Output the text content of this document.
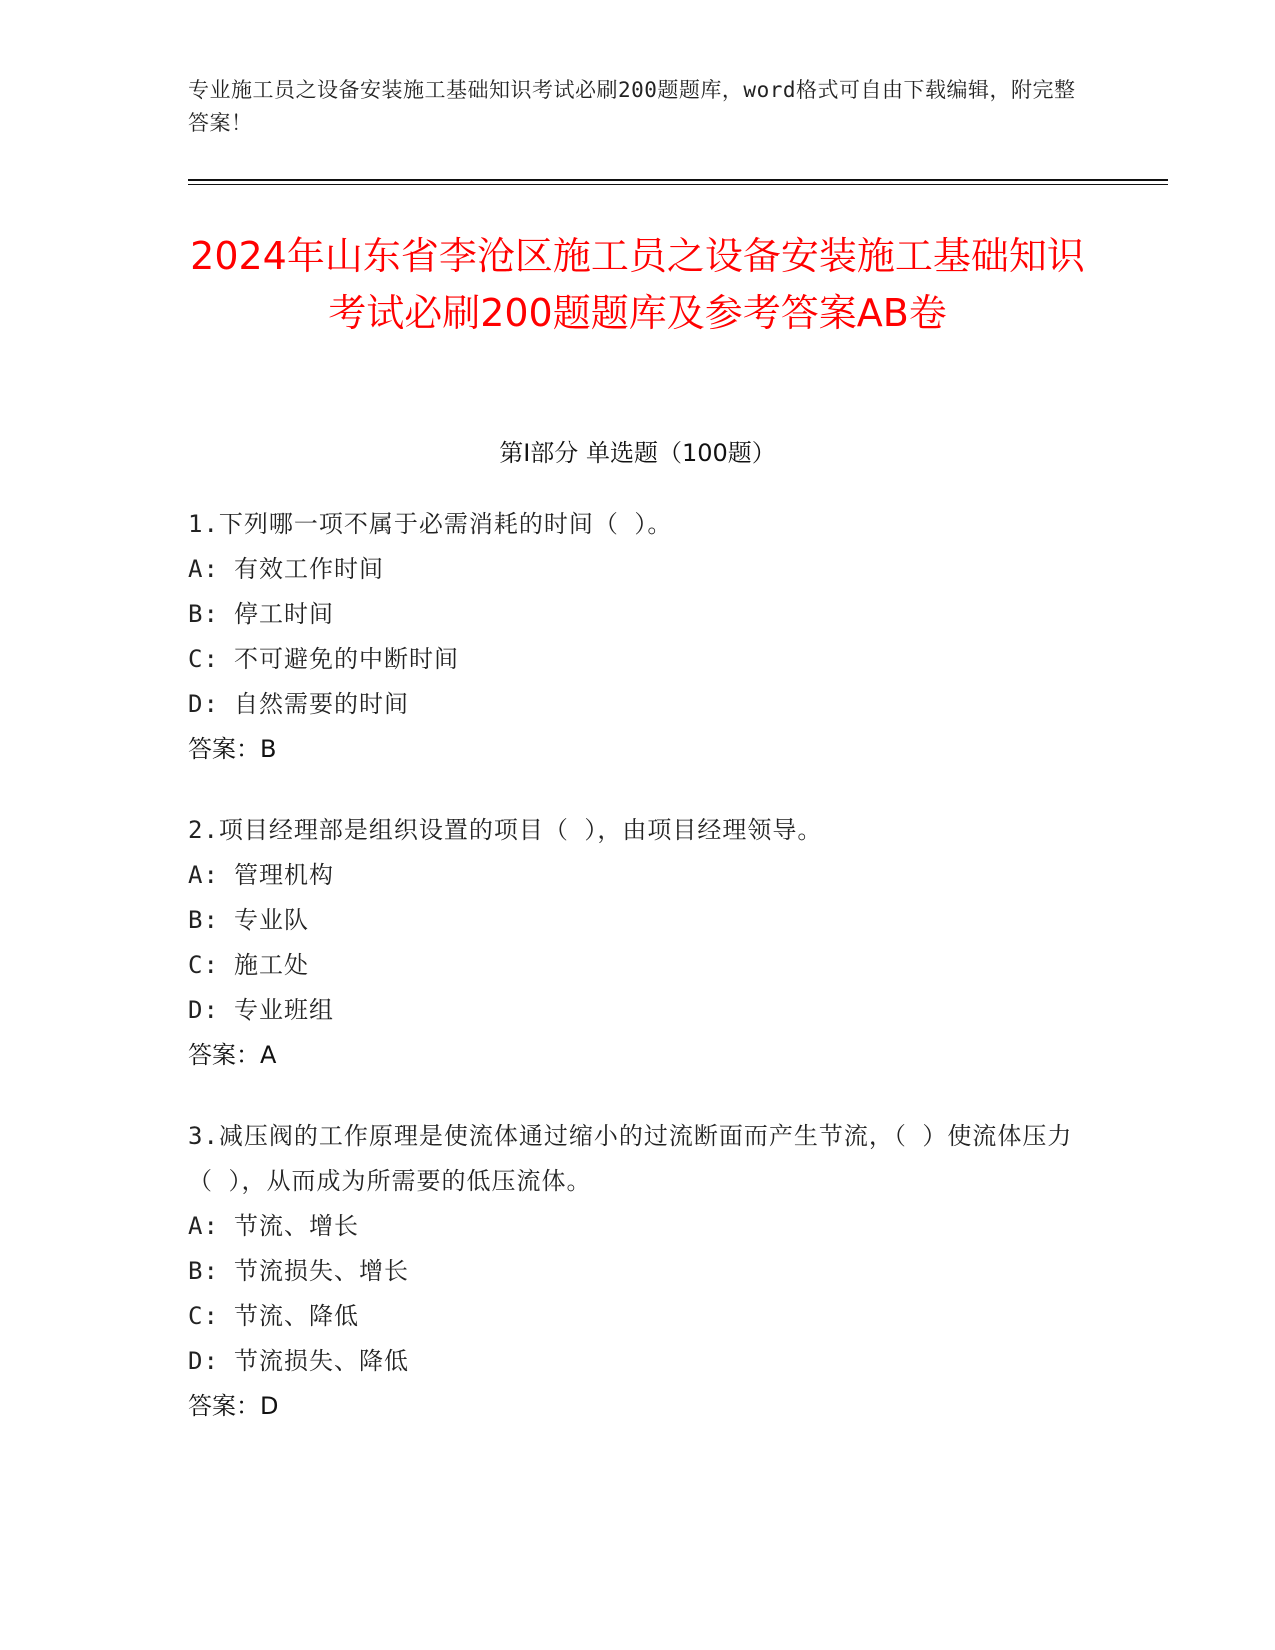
专业施工员之设备安装施工基础知识考试必刷200题题库，word格式可自由下载编辑，附完整答案！
2024年山东省李沧区施工员之设备安装施工基础知识考试必刷200题题库及参考答案AB卷
第I部分 单选题（100题）
1.下列哪一项不属于必需消耗的时间（ ）。
A: 有效工作时间
B: 停工时间
C: 不可避免的中断时间
D: 自然需要的时间
答案：B
2.项目经理部是组织设置的项目（ ），由项目经理领导。
A: 管理机构
B: 专业队
C: 施工处
D: 专业班组
答案：A
3.减压阀的工作原理是使流体通过缩小的过流断面而产生节流，（ ）使流体压力（ ），从而成为所需要的低压流体。
A: 节流、增长
B: 节流损失、增长
C: 节流、降低
D: 节流损失、降低
答案：D
